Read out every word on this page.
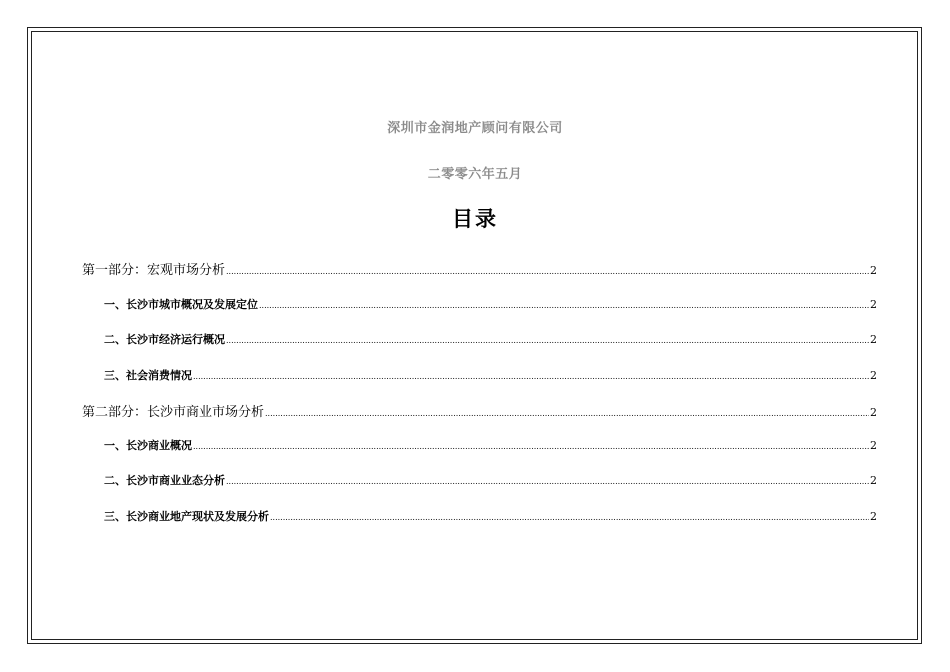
深圳市金润地产顾问有限公司
二零零六年五月
目录
第一部分：宏观市场分析 .....	2
一、长沙市城市概况及发展定位 .....	2
二、长沙市经济运行概况 .....	2
三、社会消费情况 .....	2
第二部分：长沙市商业市场分析 .....	2
一、长沙商业概况 .....	2
二、长沙市商业业态分析 .....	2
三、长沙商业地产现状及发展分析 .....	2
